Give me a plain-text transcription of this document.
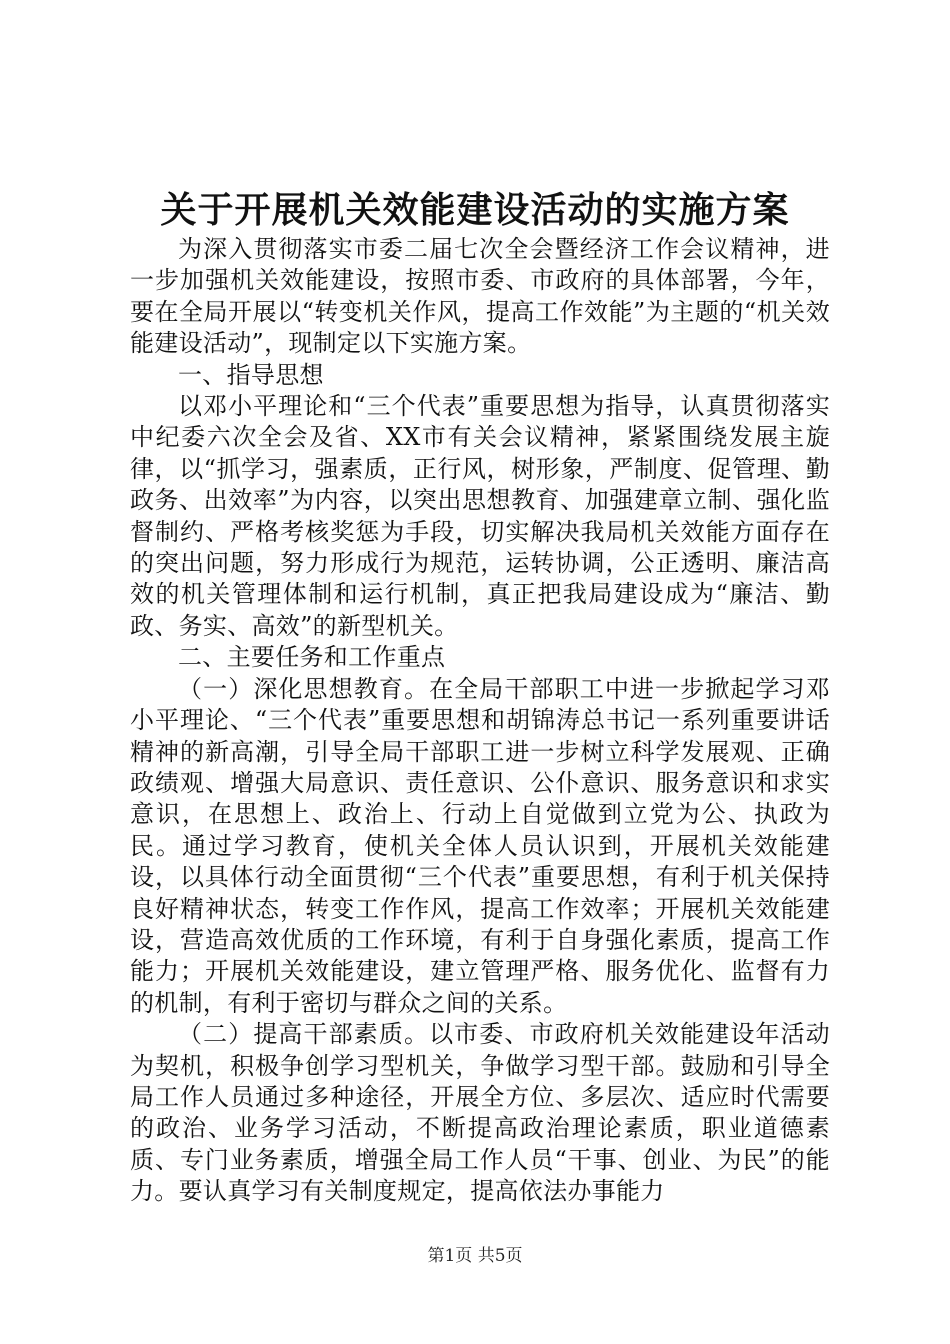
关于开展机关效能建设活动的实施方案

为深入贯彻落实市委二届七次全会暨经济工作会议精神，进一步加强机关效能建设，按照市委、市政府的具体部署，今年，要在全局开展以“转变机关作风，提高工作效能”为主题的“机关效能建设活动”，现制定以下实施方案。

一、指导思想

以邓小平理论和“三个代表”重要思想为指导，认真贯彻落实中纪委六次全会及省、XX市有关会议精神，紧紧围绕发展主旋律，以“抓学习，强素质，正行风，树形象，严制度、促管理、勤政务、出效率”为内容，以突出思想教育、加强建章立制、强化监督制约、严格考核奖惩为手段，切实解决我局机关效能方面存在的突出问题，努力形成行为规范，运转协调，公正透明、廉洁高效的机关管理体制和运行机制，真正把我局建设成为“廉洁、勤政、务实、高效”的新型机关。

二、主要任务和工作重点

（一）深化思想教育。在全局干部职工中进一步掀起学习邓小平理论、“三个代表”重要思想和胡锦涛总书记一系列重要讲话精神的新高潮，引导全局干部职工进一步树立科学发展观、正确政绩观、增强大局意识、责任意识、公仆意识、服务意识和求实意识，在思想上、政治上、行动上自觉做到立党为公、执政为民。通过学习教育，使机关全体人员认识到，开展机关效能建设，以具体行动全面贯彻“三个代表”重要思想，有利于机关保持良好精神状态，转变工作作风，提高工作效率；开展机关效能建设，营造高效优质的工作环境，有利于自身强化素质，提高工作能力；开展机关效能建设，建立管理严格、服务优化、监督有力的机制，有利于密切与群众之间的关系。

（二）提高干部素质。以市委、市政府机关效能建设年活动为契机，积极争创学习型机关，争做学习型干部。鼓励和引导全局工作人员通过多种途径，开展全方位、多层次、适应时代需要的政治、业务学习活动，不断提高政治理论素质，职业道德素质、专门业务素质，增强全局工作人员“干事、创业、为民”的能力。要认真学习有关制度规定，提高依法办事能力

第1页 共5页
